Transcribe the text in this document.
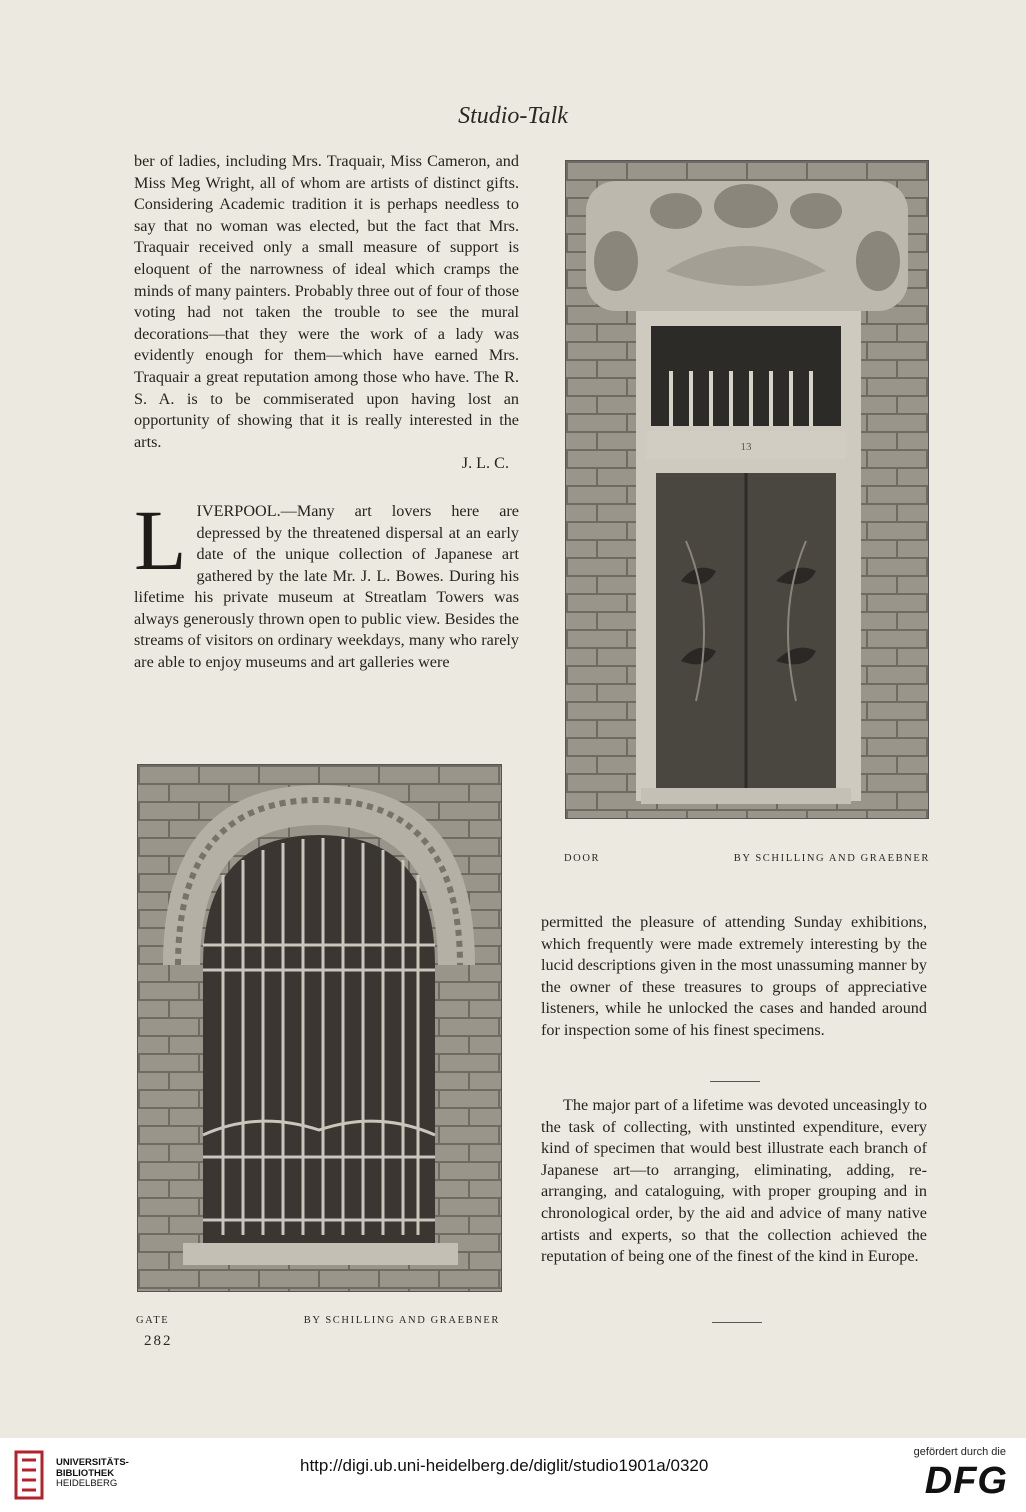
Studio-Talk

ber of ladies, including Mrs. Traquair, Miss Cameron, and Miss Meg Wright, all of whom are artists of distinct gifts. Considering Academic tradition it is perhaps needless to say that no woman was elected, but the fact that Mrs. Traquair received only a small measure of support is eloquent of the narrowness of ideal which cramps the minds of many painters. Probably three out of four of those voting had not taken the trouble to see the mural decorations—that they were the work of a lady was evidently enough for them—which have earned Mrs. Traquair a great reputation among those who have. The R. S. A. is to be commiserated upon having lost an opportunity of showing that it is really interested in the arts.

J. L. C.

LIVERPOOL.—Many art lovers here are depressed by the threatened dispersal at an early date of the unique collection of Japanese art gathered by the late Mr. J. L. Bowes. During his lifetime his private museum at Streatlam Towers was always generously thrown open to public view. Besides the streams of visitors on ordinary weekdays, many who rarely are able to enjoy museums and art galleries were

13
DOOR	BY SCHILLING AND GRAEBNER
GATE	BY SCHILLING AND GRAEBNER

permitted the pleasure of attending Sunday exhibitions, which frequently were made extremely interesting by the lucid descriptions given in the most unassuming manner by the owner of these treasures to groups of appreciative listeners, while he unlocked the cases and handed around for inspection some of his finest specimens.

The major part of a lifetime was devoted unceasingly to the task of collecting, with unstinted expenditure, every kind of specimen that would best illustrate each branch of Japanese art—to arranging, eliminating, adding, re-arranging, and cataloguing, with proper grouping and in chronological order, by the aid and advice of many native artists and experts, so that the collection achieved the reputation of being one of the finest of the kind in Europe.

282
UNIVERSITÄTS-
BIBLIOTHEK
HEIDELBERG
http://digi.ub.uni-heidelberg.de/diglit/studio1901a/0320
gefördert durch die
DFG
